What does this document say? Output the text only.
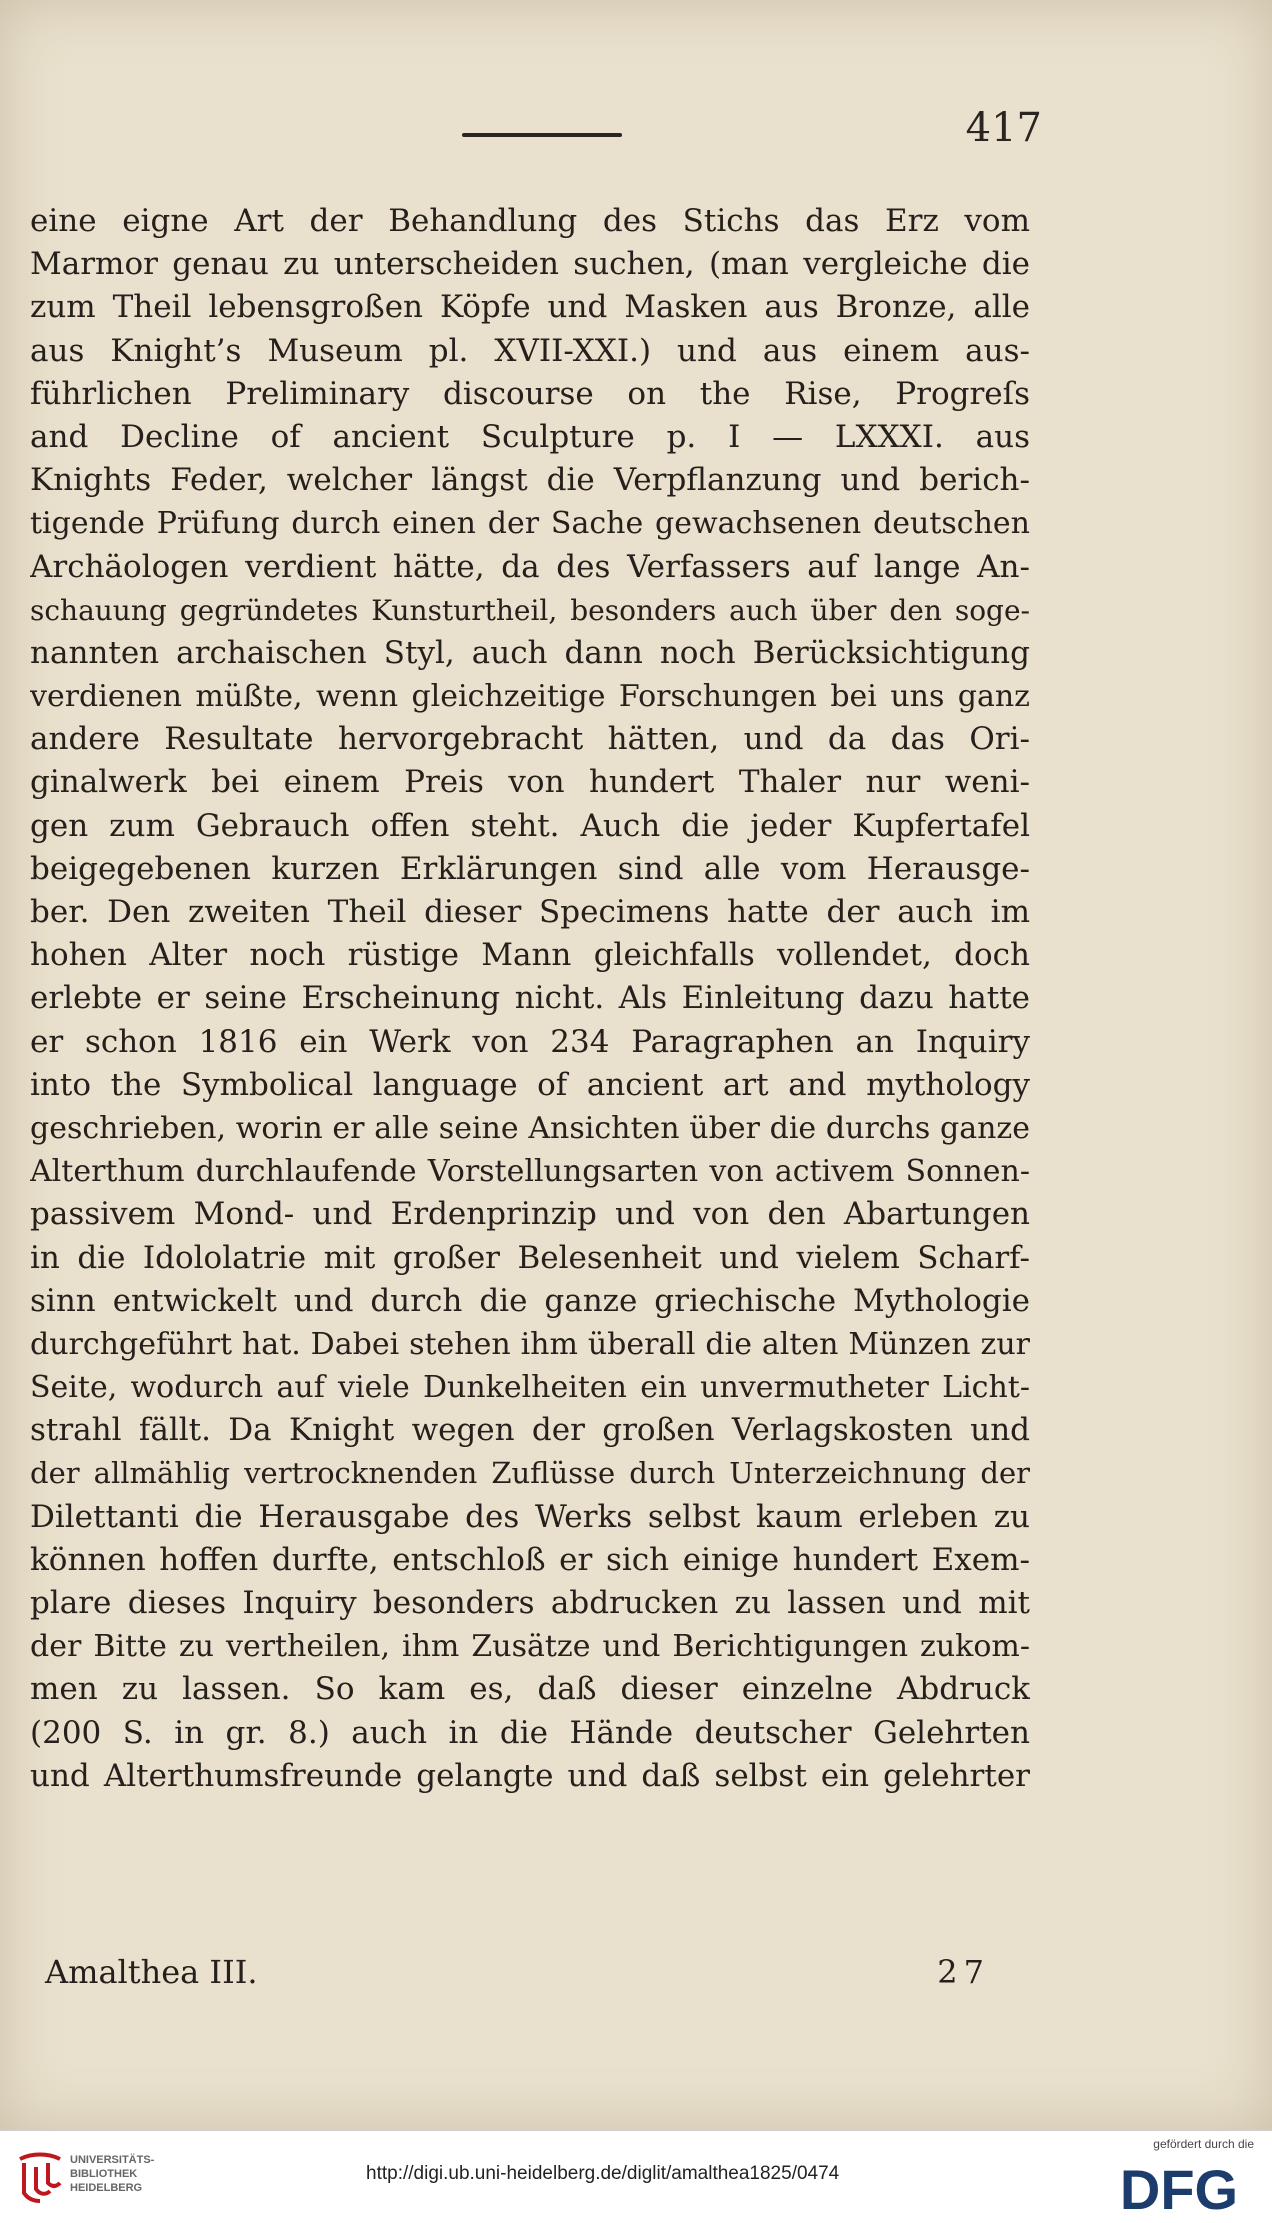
417
eine eigne Art der Behandlung des Stichs das Erz vom
Marmor genau zu unterscheiden suchen, (man vergleiche die
zum Theil lebensgroßen Köpfe und Masken aus Bronze, alle
aus Knight’s Museum pl. XVII-XXI.) und aus einem aus-
führlichen Preliminary discourse on the Rise, Progreſs
and Decline of ancient Sculpture p. I — LXXXI. aus
Knights Feder, welcher längst die Verpflanzung und berich-
tigende Prüfung durch einen der Sache gewachsenen deutschen
Archäologen verdient hätte, da des Verfassers auf lange An-
schauung gegründetes Kunsturtheil, besonders auch über den soge-
nannten archaischen Styl, auch dann noch Berücksichtigung
verdienen müßte, wenn gleichzeitige Forschungen bei uns ganz
andere Resultate hervorgebracht hätten, und da das Ori-
ginalwerk bei einem Preis von hundert Thaler nur weni-
gen zum Gebrauch offen steht. Auch die jeder Kupfertafel
beigegebenen kurzen Erklärungen sind alle vom Herausge-
ber. Den zweiten Theil dieser Specimens hatte der auch im
hohen Alter noch rüstige Mann gleichfalls vollendet, doch
erlebte er seine Erscheinung nicht. Als Einleitung dazu hatte
er schon 1816 ein Werk von 234 Paragraphen an Inquiry
into the Symbolical language of ancient art and mythology
geschrieben, worin er alle seine Ansichten über die durchs ganze
Alterthum durchlaufende Vorstellungsarten von activem Sonnen-
passivem Mond- und Erdenprinzip und von den Abartungen
in die Idololatrie mit großer Belesenheit und vielem Scharf-
sinn entwickelt und durch die ganze griechische Mythologie
durchgeführt hat. Dabei stehen ihm überall die alten Münzen zur
Seite, wodurch auf viele Dunkelheiten ein unvermutheter Licht-
strahl fällt. Da Knight wegen der großen Verlagskosten und
der allmählig vertrocknenden Zuflüsse durch Unterzeichnung der
Dilettanti die Herausgabe des Werks selbst kaum erleben zu
können hoffen durfte, entschloß er sich einige hundert Exem-
plare dieses Inquiry besonders abdrucken zu lassen und mit
der Bitte zu vertheilen, ihm Zusätze und Berichtigungen zukom-
men zu lassen. So kam es, daß dieser einzelne Abdruck
(200 S. in gr. 8.) auch in die Hände deutscher Gelehrten
und Alterthumsfreunde gelangte und daß selbst ein gelehrter
Amalthea III.	27
UNIVERSITÄTS-
BIBLIOTHEK
HEIDELBERG
http://digi.ub.uni-heidelberg.de/diglit/amalthea1825/0474
gefördert durch die
DFG
